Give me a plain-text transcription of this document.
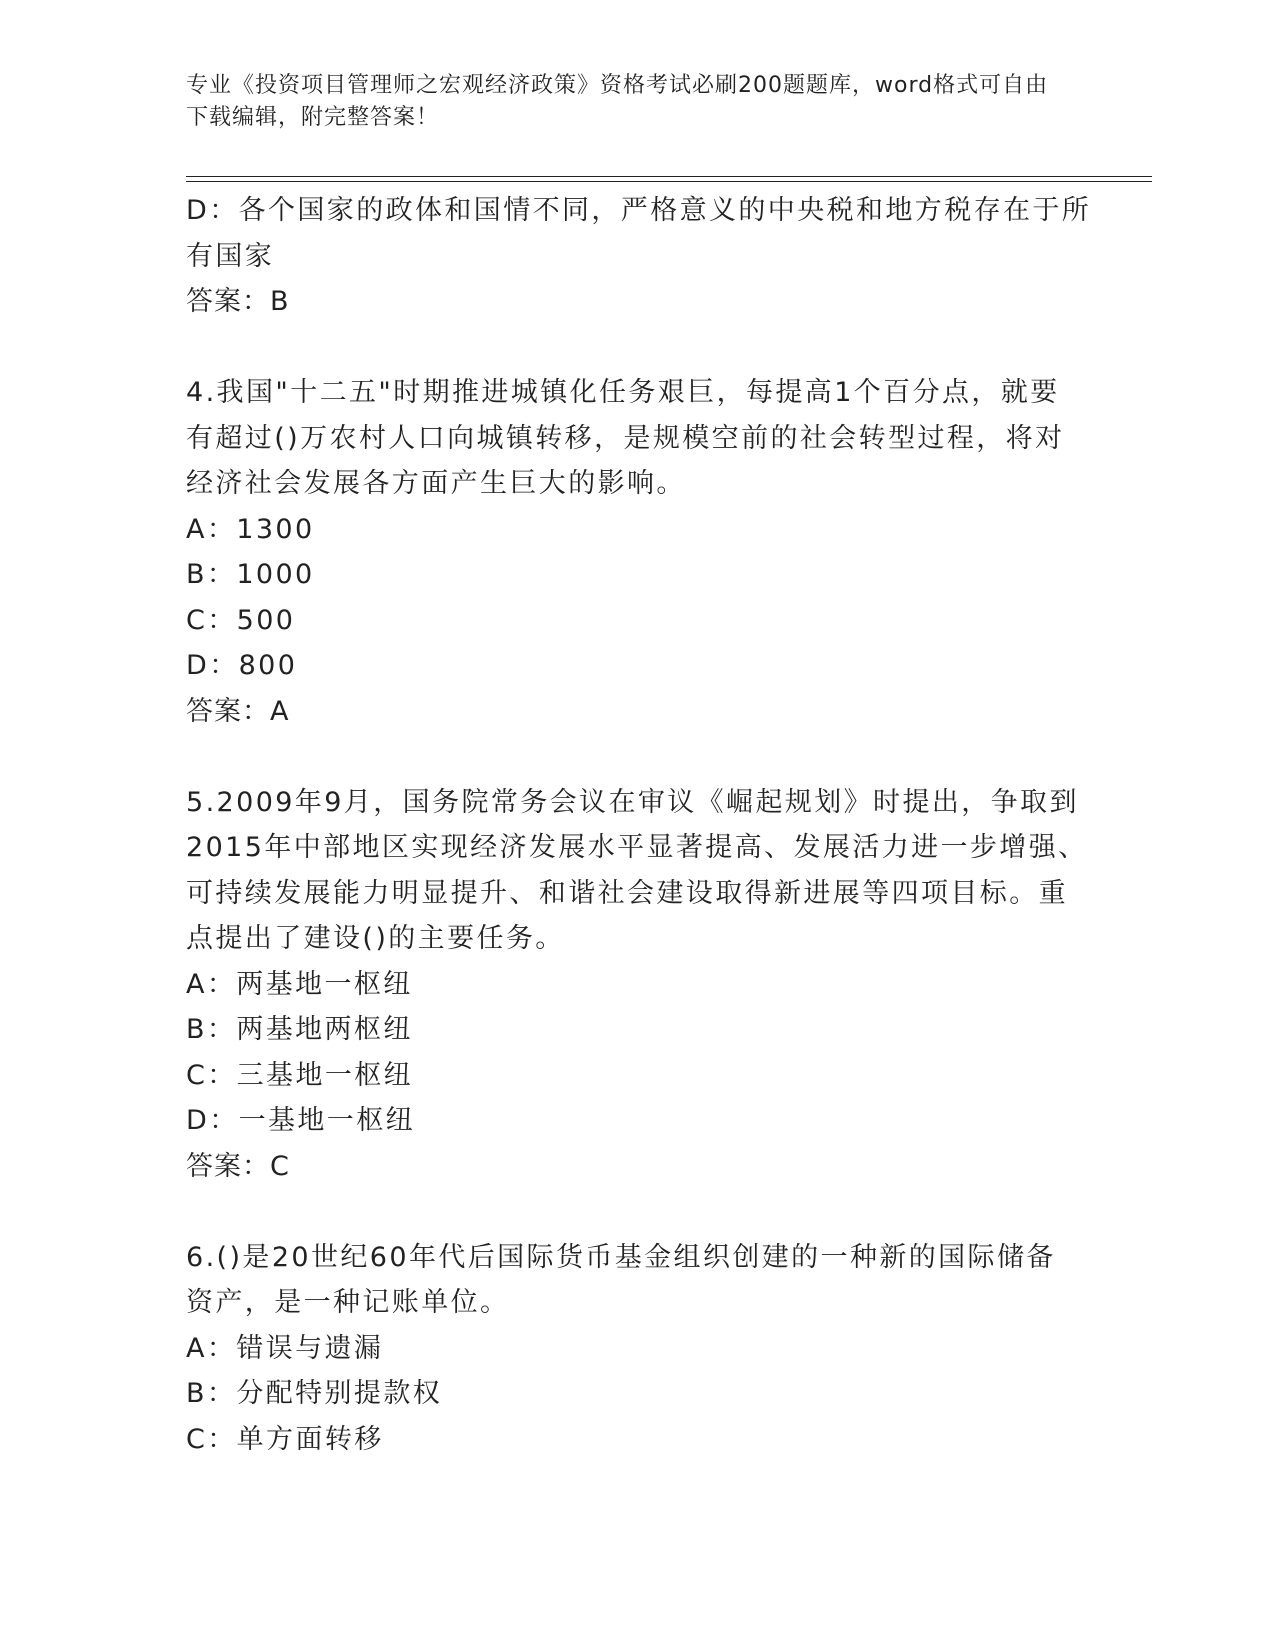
专业《投资项目管理师之宏观经济政策》资格考试必刷200题题库，word格式可自由下载编辑，附完整答案！
D：各个国家的政体和国情不同，严格意义的中央税和地方税存在于所
有国家
答案：B
4.我国"十二五"时期推进城镇化任务艰巨，每提高1个百分点，就要
有超过()万农村人口向城镇转移，是规模空前的社会转型过程，将对
经济社会发展各方面产生巨大的影响。
A：1300
B：1000
C：500
D：800
答案：A
5.2009年9月，国务院常务会议在审议《崛起规划》时提出，争取到
2015年中部地区实现经济发展水平显著提高、发展活力进一步增强、
可持续发展能力明显提升、和谐社会建设取得新进展等四项目标。重
点提出了建设()的主要任务。
A：两基地一枢纽
B：两基地两枢纽
C：三基地一枢纽
D：一基地一枢纽
答案：C
6.()是20世纪60年代后国际货币基金组织创建的一种新的国际储备
资产，是一种记账单位。
A：错误与遗漏
B：分配特别提款权
C：单方面转移
